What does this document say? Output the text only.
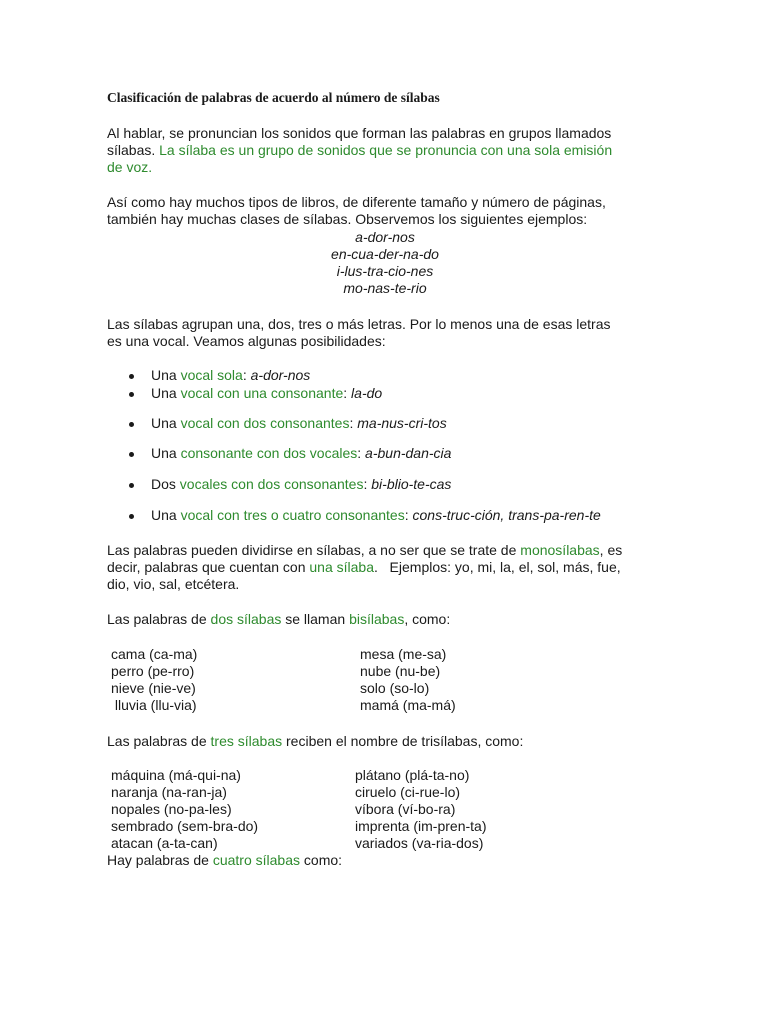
Clasificación de palabras de acuerdo al número de sílabas
Al hablar, se pronuncian los sonidos que forman las palabras en grupos llamados
sílabas. La sílaba es un grupo de sonidos que se pronuncia con una sola emisión
de voz.
Así como hay muchos tipos de libros, de diferente tamaño y número de páginas,
también hay muchas clases de sílabas. Observemos los siguientes ejemplos:
a-dor-nos
en-cua-der-na-do
i-lus-tra-cio-nes
mo-nas-te-rio
Las sílabas agrupan una, dos, tres o más letras. Por lo menos una de esas letras
es una vocal. Veamos algunas posibilidades:
Una vocal sola: a-dor-nos
Una vocal con una consonante: la-do
Una vocal con dos consonantes: ma-nus-cri-tos
Una consonante con dos vocales: a-bun-dan-cia
Dos vocales con dos consonantes: bi-blio-te-cas
Una vocal con tres o cuatro consonantes: cons-truc-ción, trans-pa-ren-te
Las palabras pueden dividirse en sílabas, a no ser que se trate de monosílabas, es
decir, palabras que cuentan con una sílaba.   Ejemplos: yo, mi, la, el, sol, más, fue,
dio, vio, sal, etcétera.
Las palabras de dos sílabas se llaman bisílabas, como:
cama (ca-ma)
perro (pe-rro)
nieve (nie-ve)
lluvia (llu-via)
mesa (me-sa)
nube (nu-be)
solo (so-lo)
mamá (ma-má)
Las palabras de tres sílabas reciben el nombre de trisílabas, como:
máquina (má-qui-na)
naranja (na-ran-ja)
nopales (no-pa-les)
sembrado (sem-bra-do)
atacan (a-ta-can)
plátano (plá-ta-no)
ciruelo (ci-rue-lo)
víbora (ví-bo-ra)
imprenta (im-pren-ta)
variados (va-ria-dos)
Hay palabras de cuatro sílabas como:
